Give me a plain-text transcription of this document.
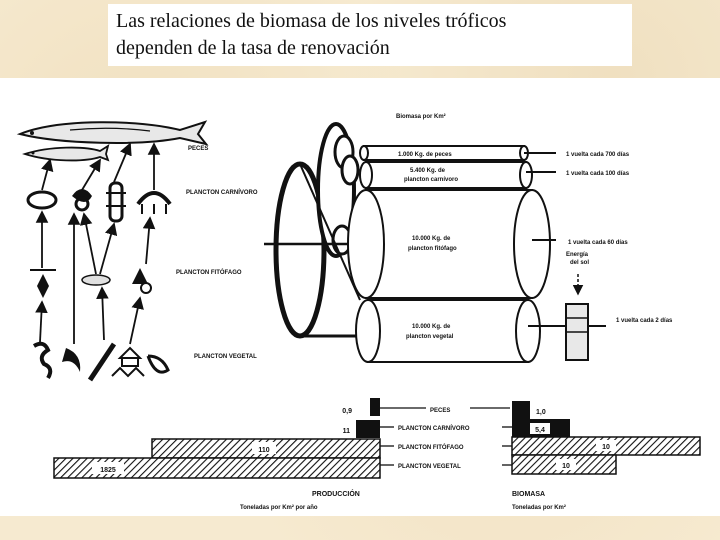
Las relaciones de biomasa de los niveles tróficos
dependen de la tasa de renovación
PECES
PLANCTON CARNÍVORO
PLANCTON FITÓFAGO
PLANCTON VEGETAL
Biomasa por Km²
1.000 Kg. de peces	1 vuelta cada 700 días
5.400 Kg. de
plancton carnívoro
1 vuelta cada 100 días
10.000 Kg. de
plancton fitófago
1 vuelta cada 60 días
Energía
del sol
10.000 Kg. de
plancton vegetal
1 vuelta cada 2 días
PECES
PLANCTON CARNÍVORO
PLANCTON FITÓFAGO
PLANCTON VEGETAL
0,9
11
110
1825
PRODUCCIÓN
Toneladas por Km² por año
1,0
5,4
10
10
BIOMASA
Toneladas por Km²
